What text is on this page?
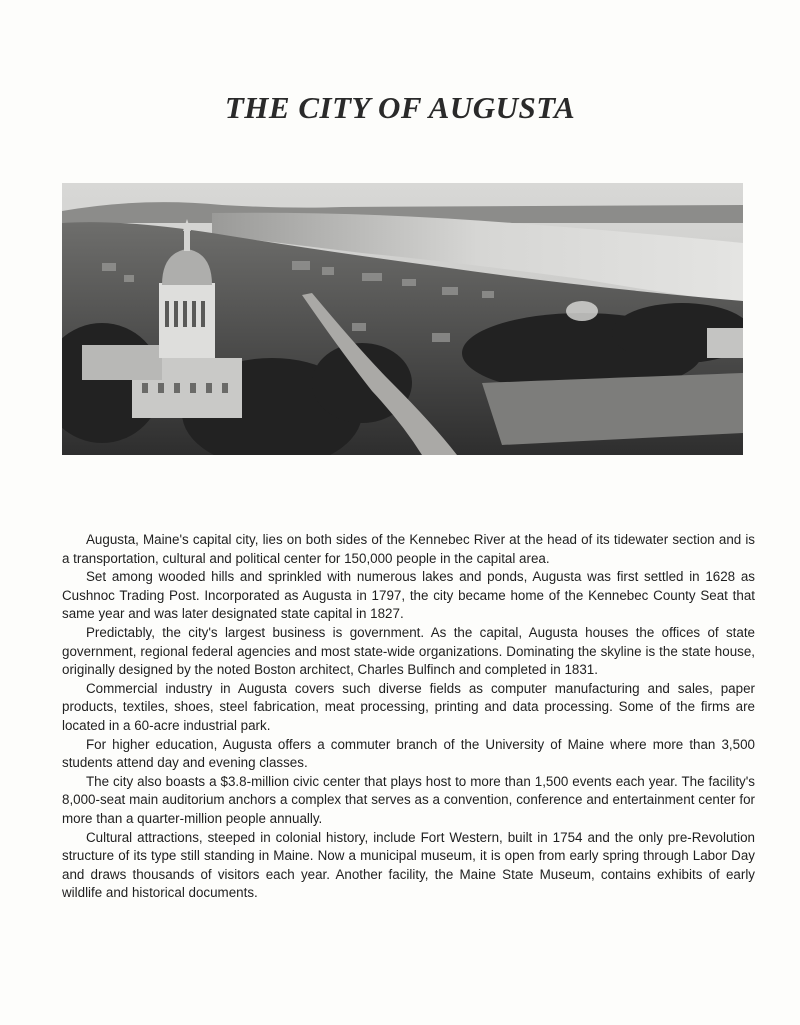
THE CITY OF AUGUSTA

Augusta, Maine's capital city, lies on both sides of the Kennebec River at the head of its tidewater section and is a transportation, cultural and political center for 150,000 people in the capital area.

Set among wooded hills and sprinkled with numerous lakes and ponds, Augusta was first settled in 1628 as Cushnoc Trading Post. Incorporated as Augusta in 1797, the city became home of the Kennebec County Seat that same year and was later designated state capital in 1827.

Predictably, the city's largest business is government. As the capital, Augusta houses the offices of state government, regional federal agencies and most state-wide organizations. Dominating the skyline is the state house, originally designed by the noted Boston architect, Charles Bulfinch and completed in 1831.

Commercial industry in Augusta covers such diverse fields as computer manufacturing and sales, paper products, textiles, shoes, steel fabrication, meat processing, printing and data processing. Some of the firms are located in a 60-acre industrial park.

For higher education, Augusta offers a commuter branch of the University of Maine where more than 3,500 students attend day and evening classes.

The city also boasts a $3.8-million civic center that plays host to more than 1,500 events each year. The facility's 8,000-seat main auditorium anchors a complex that serves as a convention, conference and entertainment center for more than a quarter-million people annually.

Cultural attractions, steeped in colonial history, include Fort Western, built in 1754 and the only pre-Revolution structure of its type still standing in Maine. Now a municipal museum, it is open from early spring through Labor Day and draws thousands of visitors each year. Another facility, the Maine State Museum, contains exhibits of early wildlife and historical documents.
